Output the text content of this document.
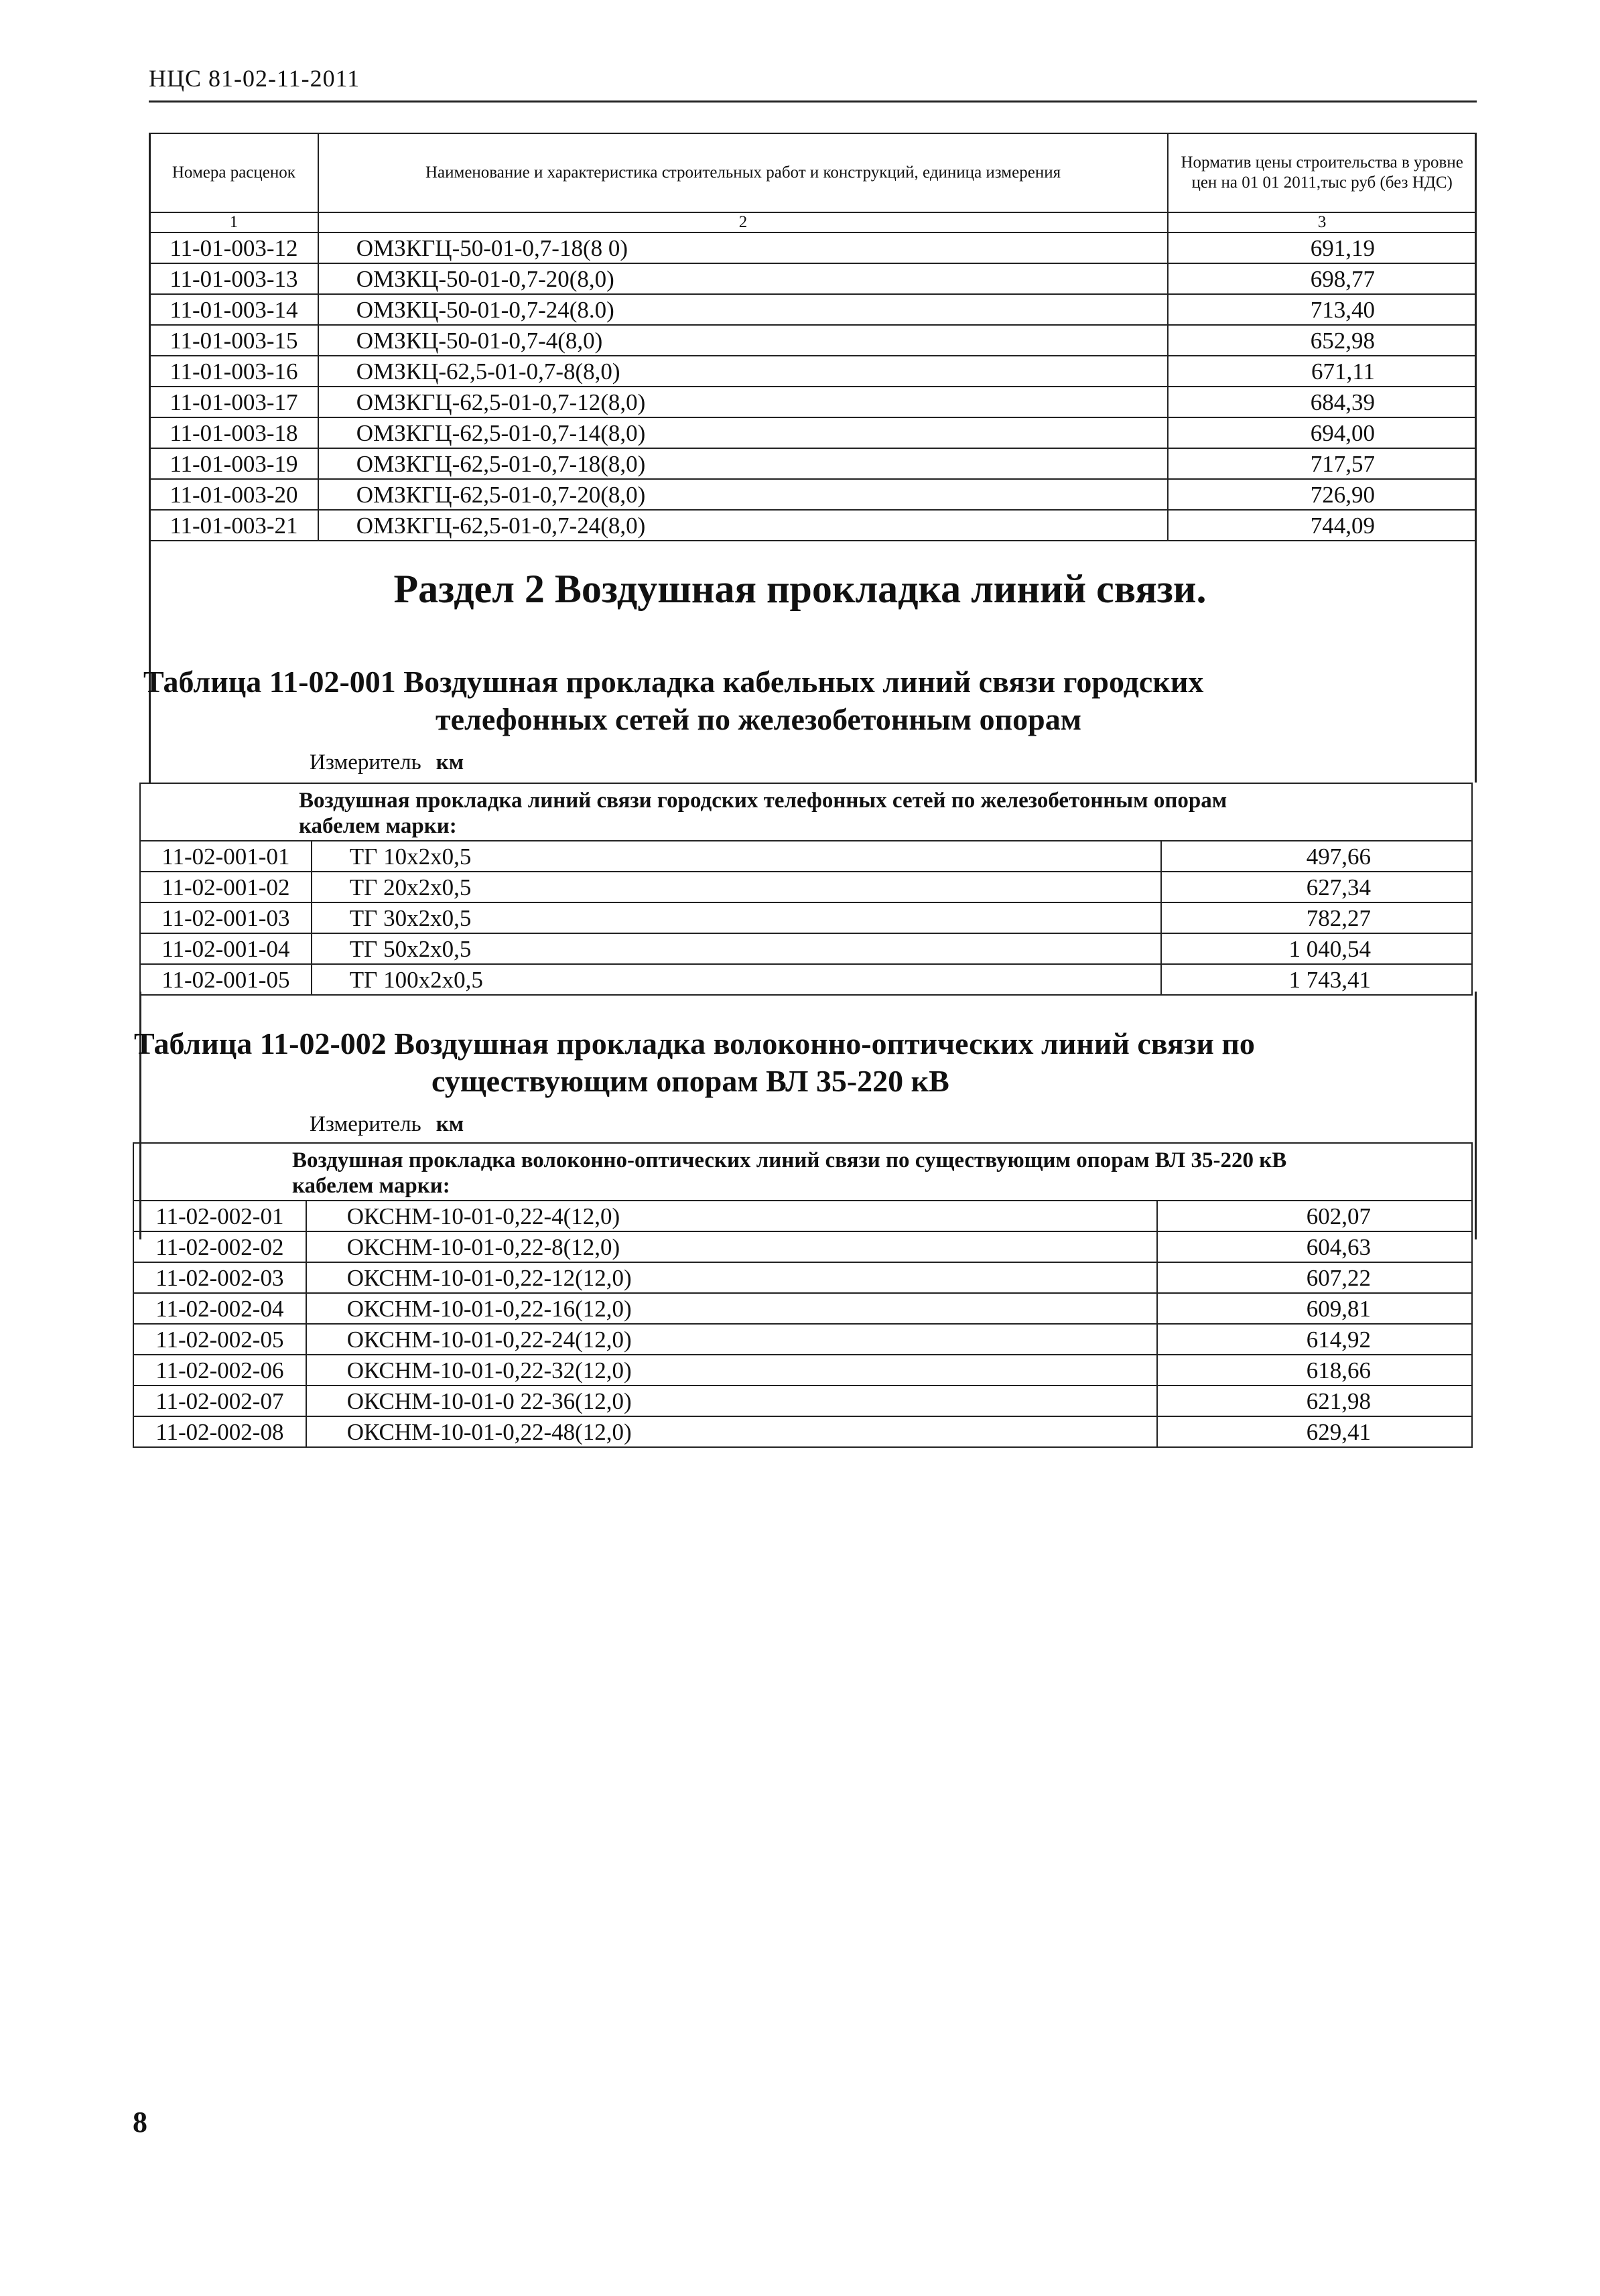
НЦС 81-02-11-2011
Номера расценок	Наименование и характеристика строительных работ и конструкций, единица измерения	Норматив цены строительства в уровне цен на 01 01 2011,тыс руб (без НДС)
1	2	3
11-01-003-12	ОМЗКГЦ-50-01-0,7-18(8 0)	691,19
11-01-003-13	ОМЗКЦ-50-01-0,7-20(8,0)	698,77
11-01-003-14	ОМЗКЦ-50-01-0,7-24(8.0)	713,40
11-01-003-15	ОМЗКЦ-50-01-0,7-4(8,0)	652,98
11-01-003-16	ОМЗКЦ-62,5-01-0,7-8(8,0)	671,11
11-01-003-17	ОМЗКГЦ-62,5-01-0,7-12(8,0)	684,39
11-01-003-18	ОМЗКГЦ-62,5-01-0,7-14(8,0)	694,00
11-01-003-19	ОМЗКГЦ-62,5-01-0,7-18(8,0)	717,57
11-01-003-20	ОМЗКГЦ-62,5-01-0,7-20(8,0)	726,90
11-01-003-21	ОМЗКГЦ-62,5-01-0,7-24(8,0)	744,09
Раздел 2 Воздушная прокладка линий связи.
Таблица 11-02-001 Воздушная прокладка кабельных линий связи городских
телефонных сетей по железобетонным опорам
Измеритель км
Воздушная прокладка линий связи городских телефонных сетей по железобетонным опорам
кабелем марки:		

11-02-001-01	ТГ 10х2х0,5	497,66
11-02-001-02	ТГ 20х2х0,5	627,34
11-02-001-03	ТГ 30х2х0,5	782,27
11-02-001-04	ТГ 50х2х0,5	1 040,54
11-02-001-05	ТГ 100х2х0,5	1 743,41
Таблица 11-02-002 Воздушная прокладка волоконно-оптических линий связи по
существующим опорам ВЛ 35-220 кВ
Измеритель км
Воздушная прокладка волоконно-оптических линий связи по существующим опорам ВЛ 35-220 кВ
кабелем марки:		

11-02-002-01	ОКСНМ-10-01-0,22-4(12,0)	602,07
11-02-002-02	ОКСНМ-10-01-0,22-8(12,0)	604,63
11-02-002-03	ОКСНМ-10-01-0,22-12(12,0)	607,22
11-02-002-04	ОКСНМ-10-01-0,22-16(12,0)	609,81
11-02-002-05	ОКСНМ-10-01-0,22-24(12,0)	614,92
11-02-002-06	ОКСНМ-10-01-0,22-32(12,0)	618,66
11-02-002-07	ОКСНМ-10-01-0 22-36(12,0)	621,98
11-02-002-08	ОКСНМ-10-01-0,22-48(12,0)	629,41
8
